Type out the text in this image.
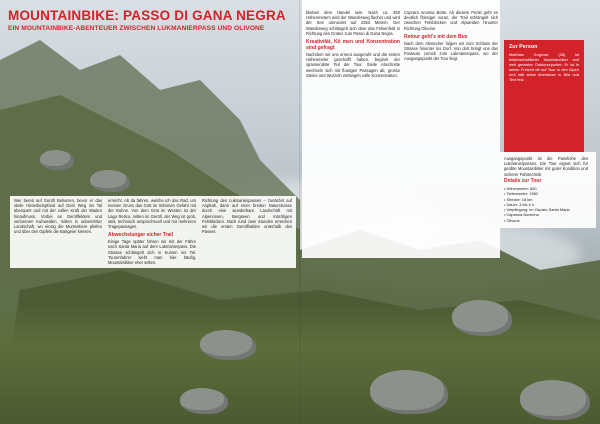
MOUNTAINBIKE: PASSO DI GANA NEGRA
EIN MOUNTAINBIKE-ABENTEUER ZWISCHEN LUKMANIERPASS UND OLIVONE

Wer bereit auf Geröll Beharren, bevor er das steile Hinterbeinpfand auf Dem Weg ins Tal überquert und mit der vollen Kraft der Waden hinaufmuss. Vorbei an Geröllfeldern und verlorenen Kuhweiden, mitten in unberührter Landschaft, wo einzig die Murmeltiere pfeifen und über den Gipfeln die Bartgeier kreisen.

erreicht. Ab da fahren, welche ich das Rad, um meinen Gruss das Gott im Stimmen Gefahr mit der Buhne. Von dem Grat im Westen ist der Lago Retico, mitten im Geröll, der Weg ist grob, steil, technisch anspruchsvoll und mit mehreren Tragepassagen.

Abwechslunger sicher Trail

Einige Tage später fahren wir mit der Fähre nach Santa Maria auf dem Lukmanierpass. Die Strasse schlängelt sich in Kurven ins Tal. Tourenfahrer sieht man hier häufig, Mountainbiker eher selten.

Richtung des Lukmanierpasses – zunächst auf Asphalt, dann auf einer breiten Naturstrasse durch eine wunderbare Landschaft mit Alpenrosen, Bergseen und mächtigen Felsblöcken. Nach rund zwei Stunden erreichen wir die ersten Geröllhalden unterhalb des Passes.

blieben dem Handel sein. Nach ca. 350 Höhenmetern wird der Wanderweg flacher und wird der See umrundet auf 2353 Metern. Der Wanderweg schlängelt sich über das Felsenfeld in Richtung des Grates zum Passo di Gana Negra.

Kreativität, Kö men und Konzentration sind gefragt

Nachdem wir uns erneut ausgeruht und die ersten Höhenmeter geschafft haben, beginnt der spannendste Teil der Tour. Steile Abschnitte wechseln sich mit flowigen Passagen ab, grosse Steine und Wurzeln verlangen volle Konzentration.

Cuprara Anomia Botte. Ab diesem Punkt geht es deutlich flüssiger voran, der Trail schlängelt sich zwischen Felsblöcken und Alpweiden hinunter Richtung Olivone.

Retour geht's mit dem Bus

Nach dem Abstecher folgen wir zum Schluss der Strasse hinunter ins Dorf. Von dort bringt uns das Postauto zurück zum Lukmanierpass, wo der Ausgangspunkt der Tour liegt.

Zur Person

Matthias Gogrose (28) ist leidenschaftlicher Mountainbiker und weit gereister Outdoorsportler. Er ist in seiner Freizeit oft auf Tour in den Alpen und hält seine Abenteuer in Bild und Text fest.

Ausgangspunkt ist die Passhöhe des Lukmanierpasses. Die Tour eignet sich für geübte Mountainbiker mit guter Kondition und sicherer Fahrtechnik.

Details zur Tour
• Höhenmeter: 650
• Tiefenmeter: 1350
• Strecke: 18 km
• Dauer: 3 bis 4 h
• Verpflegung: im Ospizio Santa Maria
• Capanna Boverina
• Olivone
